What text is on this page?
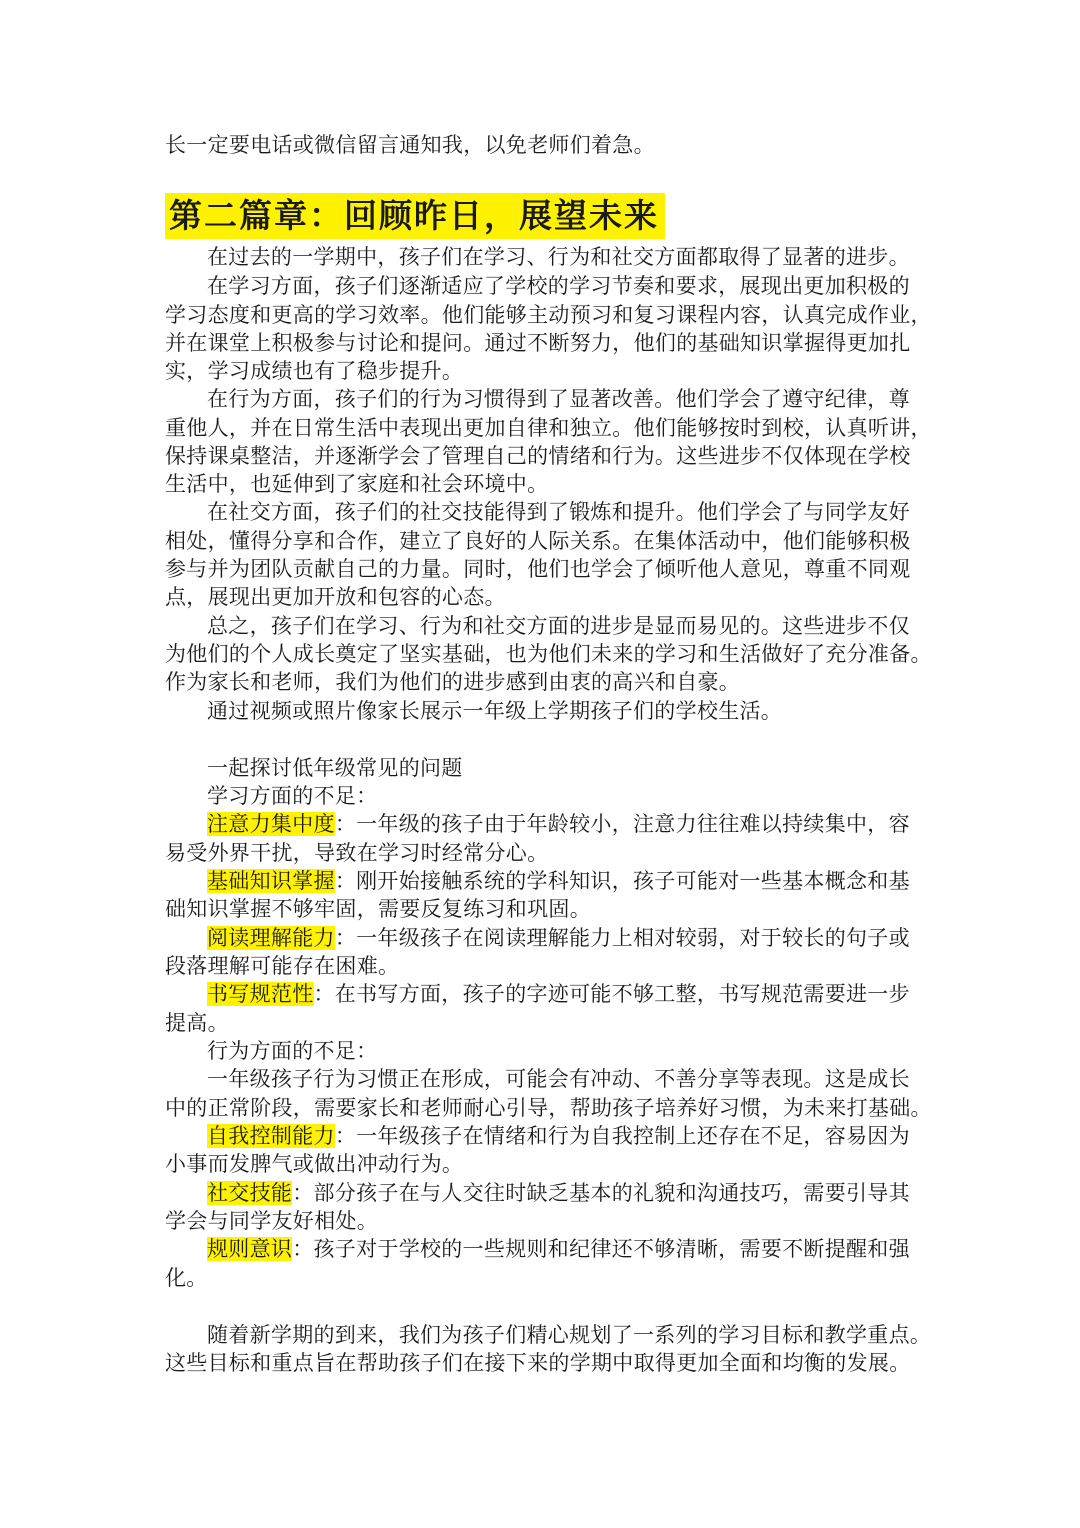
长一定要电话或微信留言通知我，以免老师们着急。
第二篇章：回顾昨日，展望未来
在过去的一学期中，孩子们在学习、行为和社交方面都取得了显著的进步。
在学习方面，孩子们逐渐适应了学校的学习节奏和要求，展现出更加积极的
学习态度和更高的学习效率。他们能够主动预习和复习课程内容，认真完成作业，
并在课堂上积极参与讨论和提问。通过不断努力，他们的基础知识掌握得更加扎
实，学习成绩也有了稳步提升。
在行为方面，孩子们的行为习惯得到了显著改善。他们学会了遵守纪律，尊
重他人，并在日常生活中表现出更加自律和独立。他们能够按时到校，认真听讲，
保持课桌整洁，并逐渐学会了管理自己的情绪和行为。这些进步不仅体现在学校
生活中，也延伸到了家庭和社会环境中。
在社交方面，孩子们的社交技能得到了锻炼和提升。他们学会了与同学友好
相处，懂得分享和合作，建立了良好的人际关系。在集体活动中，他们能够积极
参与并为团队贡献自己的力量。同时，他们也学会了倾听他人意见，尊重不同观
点，展现出更加开放和包容的心态。
总之，孩子们在学习、行为和社交方面的进步是显而易见的。这些进步不仅
为他们的个人成长奠定了坚实基础，也为他们未来的学习和生活做好了充分准备。
作为家长和老师，我们为他们的进步感到由衷的高兴和自豪。
通过视频或照片像家长展示一年级上学期孩子们的学校生活。
一起探讨低年级常见的问题
学习方面的不足：
注意力集中度：一年级的孩子由于年龄较小，注意力往往难以持续集中，容
易受外界干扰，导致在学习时经常分心。
基础知识掌握：刚开始接触系统的学科知识，孩子可能对一些基本概念和基
础知识掌握不够牢固，需要反复练习和巩固。
阅读理解能力：一年级孩子在阅读理解能力上相对较弱，对于较长的句子或
段落理解可能存在困难。
书写规范性：在书写方面，孩子的字迹可能不够工整，书写规范需要进一步
提高。
行为方面的不足：
一年级孩子行为习惯正在形成，可能会有冲动、不善分享等表现。这是成长
中的正常阶段，需要家长和老师耐心引导，帮助孩子培养好习惯，为未来打基础。
自我控制能力：一年级孩子在情绪和行为自我控制上还存在不足，容易因为
小事而发脾气或做出冲动行为。
社交技能：部分孩子在与人交往时缺乏基本的礼貌和沟通技巧，需要引导其
学会与同学友好相处。
规则意识：孩子对于学校的一些规则和纪律还不够清晰，需要不断提醒和强
化。
随着新学期的到来，我们为孩子们精心规划了一系列的学习目标和教学重点。
这些目标和重点旨在帮助孩子们在接下来的学期中取得更加全面和均衡的发展。
